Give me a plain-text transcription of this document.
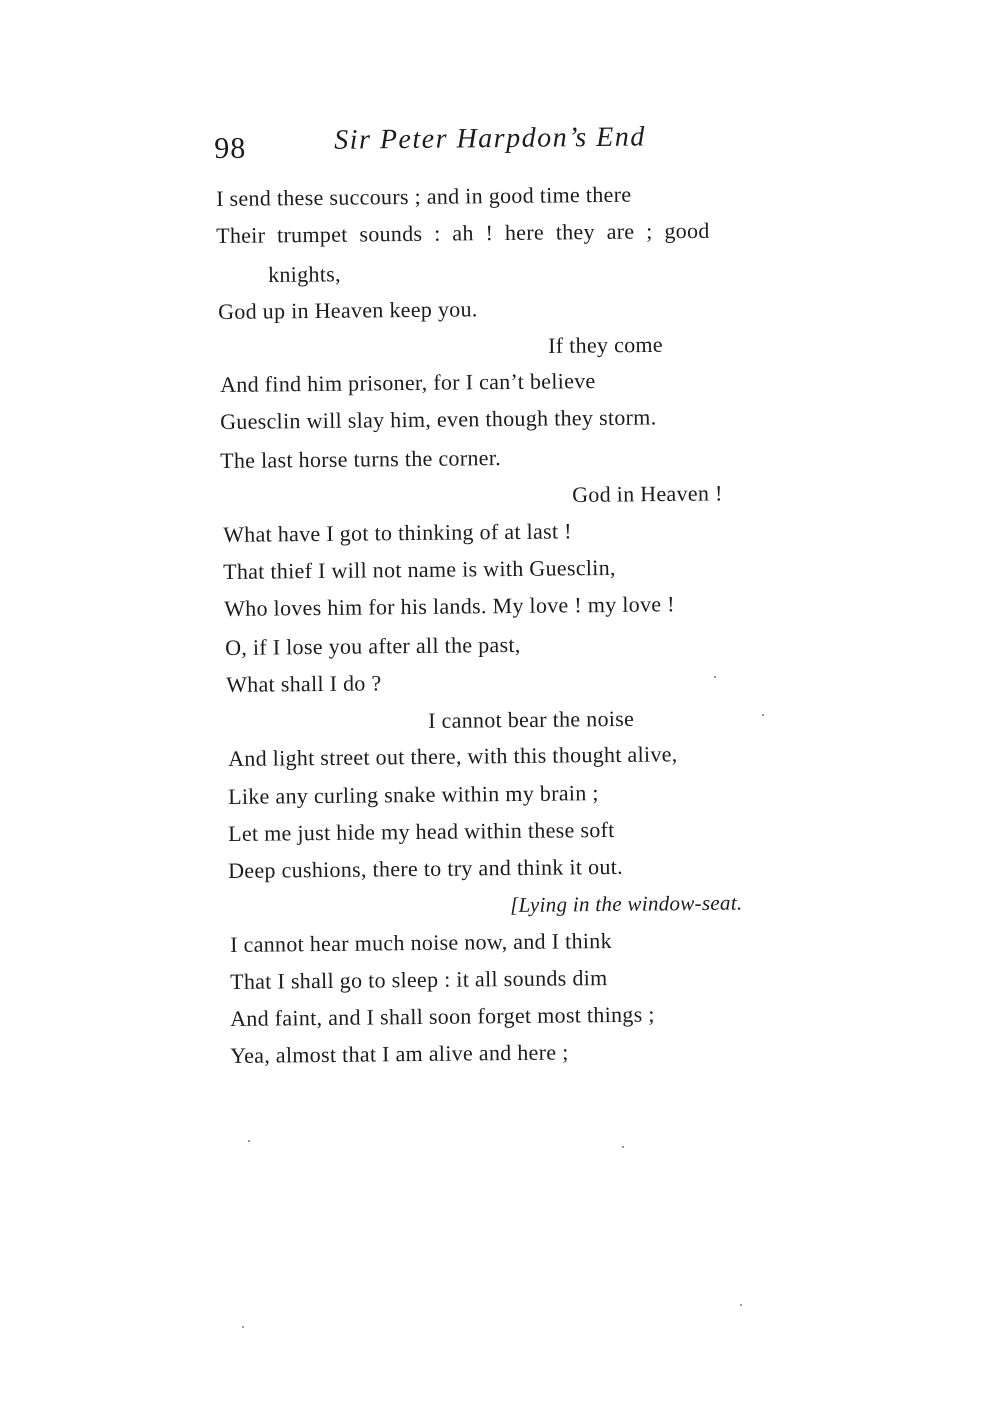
98	Sir Peter Harpdon’s End
I send these succours ; and in good time there
Their trumpet sounds : ah ! here they are ; good
knights,
God up in Heaven keep you.
If they come
And find him prisoner, for I can’t believe
Guesclin will slay him, even though they storm.
The last horse turns the corner.
God in Heaven !
What have I got to thinking of at last !
That thief I will not name is with Guesclin,
Who loves him for his lands. My love ! my love !
O, if I lose you after all the past,
What shall I do ?
I cannot bear the noise
And light street out there, with this thought alive,
Like any curling snake within my brain ;
Let me just hide my head within these soft
Deep cushions, there to try and think it out.
[Lying in the window-seat.
I cannot hear much noise now, and I think
That I shall go to sleep : it all sounds dim
And faint, and I shall soon forget most things ;
Yea, almost that I am alive and here ;
